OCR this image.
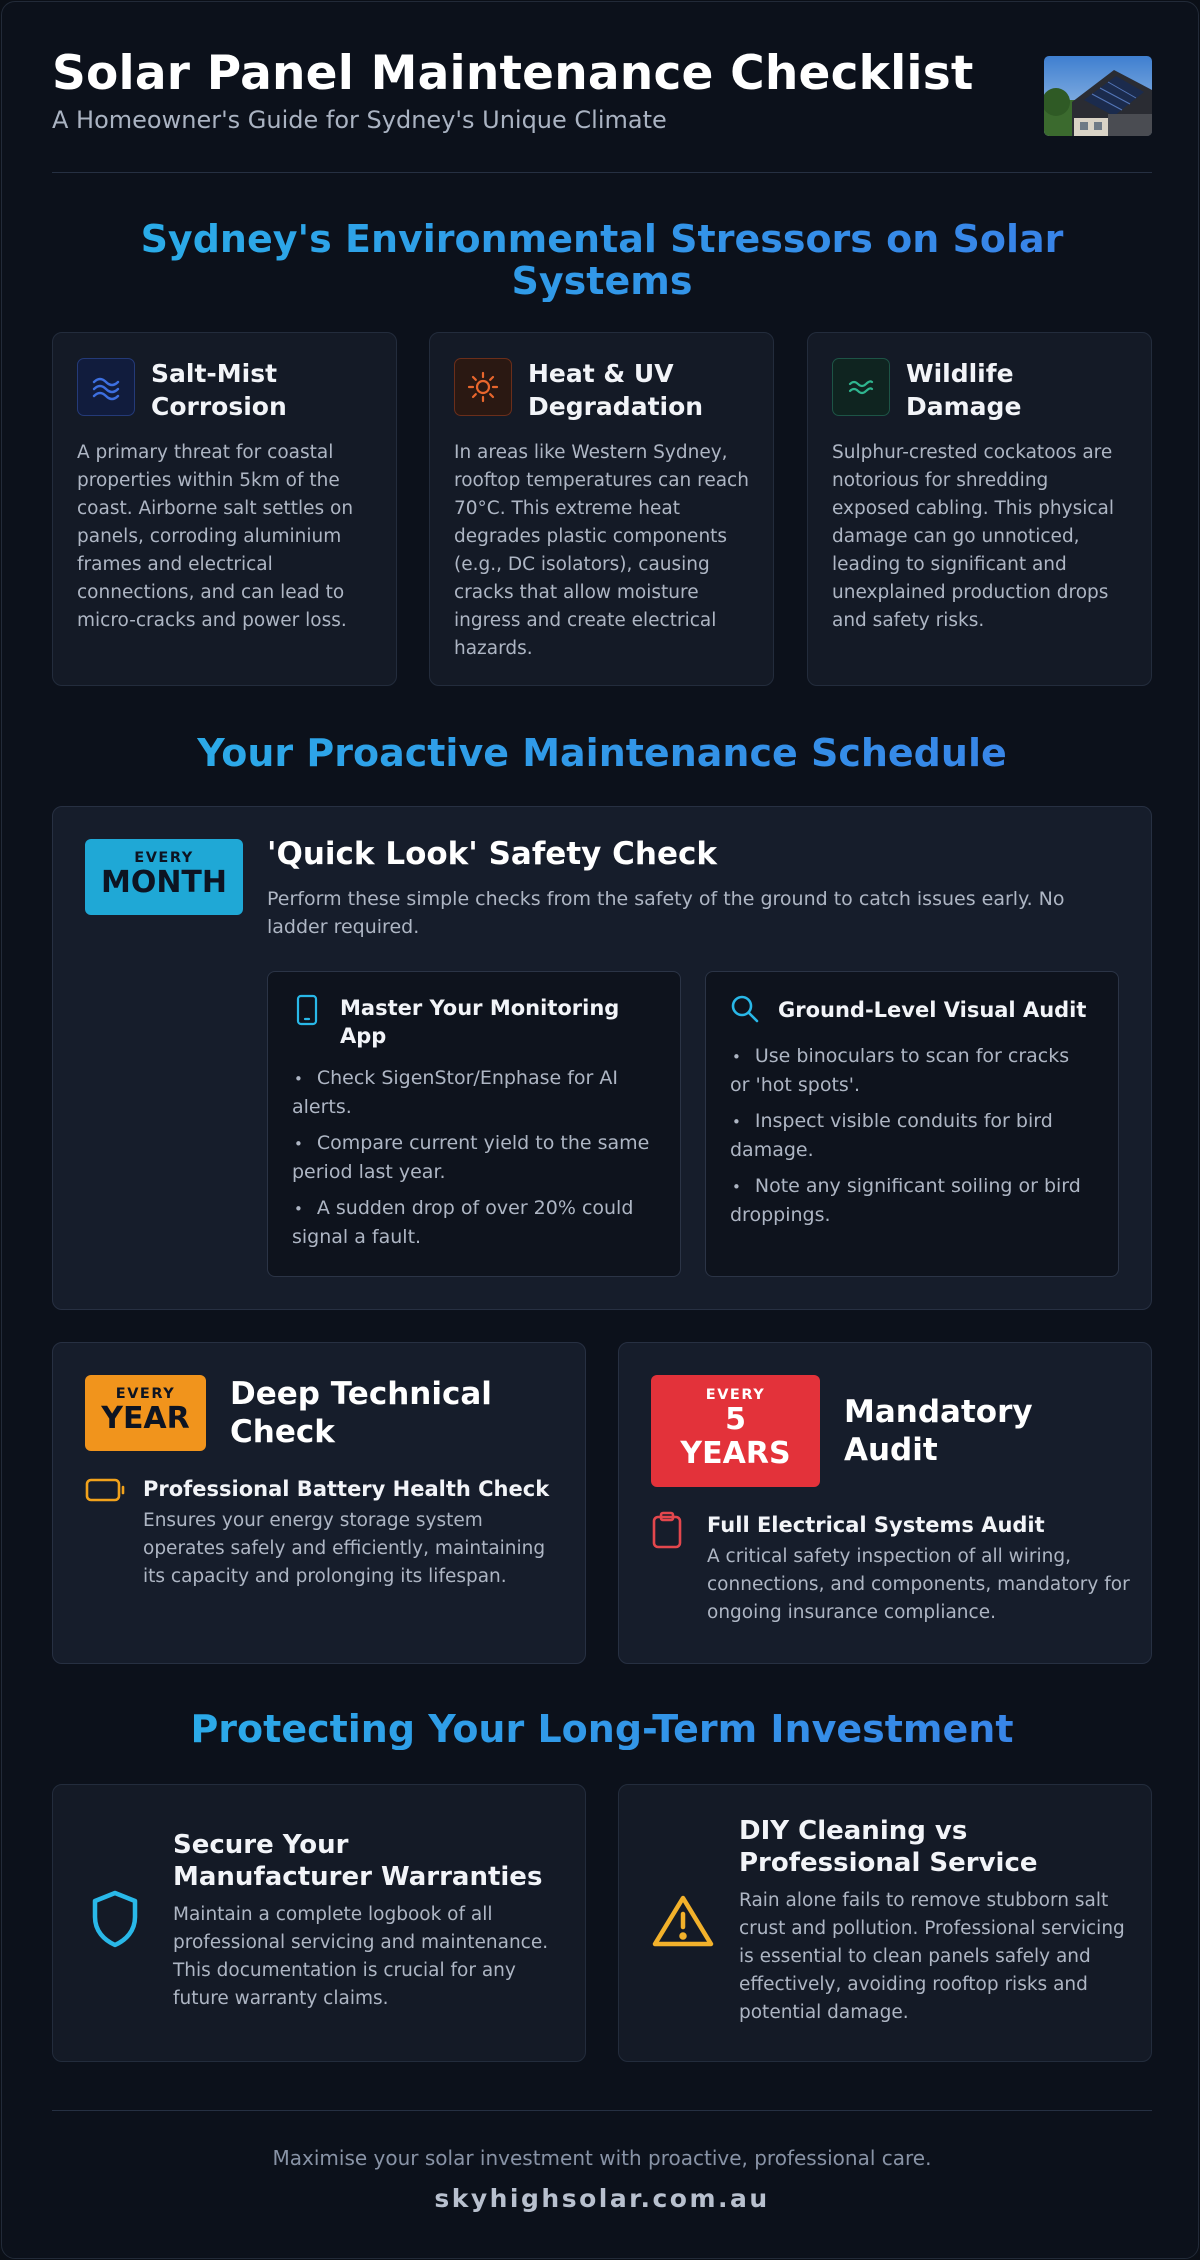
Solar Panel Maintenance Checklist
A Homeowner's Guide for Sydney's Unique Climate
Sydney's Environmental Stressors on Solar Systems
Salt-Mist Corrosion
A primary threat for coastal properties within 5km of the coast. Airborne salt settles on panels, corroding aluminium frames and electrical connections, and can lead to micro-cracks and power loss.
Heat & UV Degradation
In areas like Western Sydney, rooftop temperatures can reach 70°C. This extreme heat degrades plastic components (e.g., DC isolators), causing cracks that allow moisture ingress and create electrical hazards.
Wildlife Damage
Sulphur-crested cockatoos are notorious for shredding exposed cabling. This physical damage can go unnoticed, leading to significant and unexplained production drops and safety risks.
Your Proactive Maintenance Schedule
EVERY
MONTH
'Quick Look' Safety Check
Perform these simple checks from the safety of the ground to catch issues early. No ladder required.
Master Your Monitoring App
• Check SigenStor/Enphase for AI alerts.
• Compare current yield to the same period last year.
• A sudden drop of over 20% could signal a fault.
Ground-Level Visual Audit
• Use binoculars to scan for cracks or 'hot spots'.
• Inspect visible conduits for bird damage.
• Note any significant soiling or bird droppings.
EVERY
YEAR
Deep Technical Check
Professional Battery Health Check
Ensures your energy storage system operates safely and efficiently, maintaining its capacity and prolonging its lifespan.
EVERY
5
YEARS
Mandatory Audit
Full Electrical Systems Audit
A critical safety inspection of all wiring, connections, and components, mandatory for ongoing insurance compliance.
Protecting Your Long-Term Investment
Secure Your Manufacturer Warranties
Maintain a complete logbook of all professional servicing and maintenance. This documentation is crucial for any future warranty claims.
DIY Cleaning vs Professional Service
Rain alone fails to remove stubborn salt crust and pollution. Professional servicing is essential to clean panels safely and effectively, avoiding rooftop risks and potential damage.
Maximise your solar investment with proactive, professional care.
skyhighsolar.com.au
